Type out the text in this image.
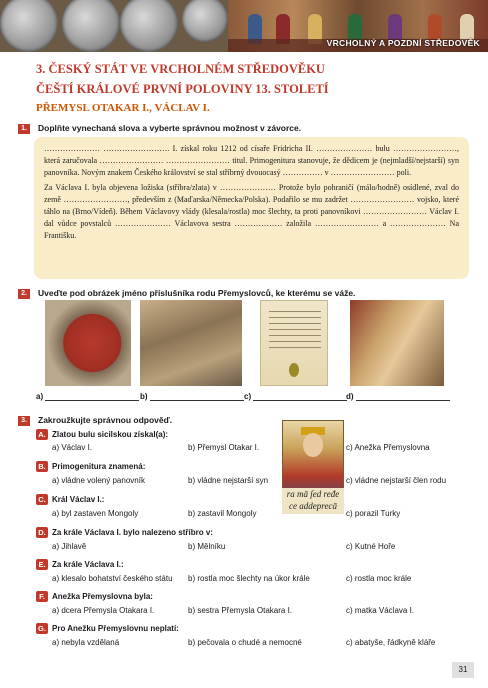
VRCHOLNÝ A POZDNÍ STŘEDOVĚK
3. ČESKÝ STÁT VE VRCHOLNÉM STŘEDOVĚKU
ČEŠTÍ KRÁLOVÉ PRVNÍ POLOVINY 13. STOLETÍ
PŘEMYSL OTAKAR I., VÁCLAV I.
1.	Doplňte vynechaná slova a vyberte správnou možnost v závorce.

………………… ……………………. I. získal roku 1212 od císaře Fridricha II. ………………… bulu ……………………, která zaručovala …………………… …………………… titul. Primogenitura stanovuje, že dědicem je (nejmladší/nejstarší) syn panovníka. Novým znakem Českého království se stal stříbrný dvouocasý …………… v …………………… poli.

Za Václava I. byla objevena ložiska (stříbra/zlata) v ………………… Protože bylo pohraničí (málo/hodně) osídlené, zval do země ……………………, především z (Maďarska/Německa/Polska). Podařilo se mu zadržet …………………… vojsko, které táhlo na (Brno/Vídeň). Během Václavovy vlády (klesala/rostla) moc šlechty, ta proti panovníkovi …………………… Václav I. dal vůdce povstalců ………………… Václavova sestra ……………… založila …………………… a ………………… Na Františku.

2.	Uveďte pod obrázek jméno příslušníka rodu Přemyslovců, ke kterému se váže.
a)	b)	c)	d)
3.	Zakroužkujte správnou odpověď.
ra mā ſed ređe ce addeprecā
A. Zlatou bulu sicilskou získal(a):
a) Václav I.	b) Přemysl Otakar I.	c) Anežka Přemyslovna
B. Primogenitura znamená:
a) vládne volený panovník	b) vládne nejstarší syn	c) vládne nejstarší člen rodu
C. Král Václav I.:
a) byl zastaven Mongoly	b) zastavil Mongoly	c) porazil Turky
D. Za krále Václava I. bylo nalezeno stříbro v:
a) Jihlavě	b) Mělníku	c) Kutné Hoře
E. Za krále Václava I.:
a) klesalo bohatství českého státu b) rostla moc šlechty na úkor krále	c) rostla moc krále
F. Anežka Přemyslovna byla:
a) dcera Přemysla Otakara I.	b) sestra Přemysla Otakara I.	c) matka Václava I.
G. Pro Anežku Přemyslovnu neplatí:
a) nebyla vzdělaná	b) pečovala o chudé a nemocné	c) abatyše, řádkyně kláře
31
